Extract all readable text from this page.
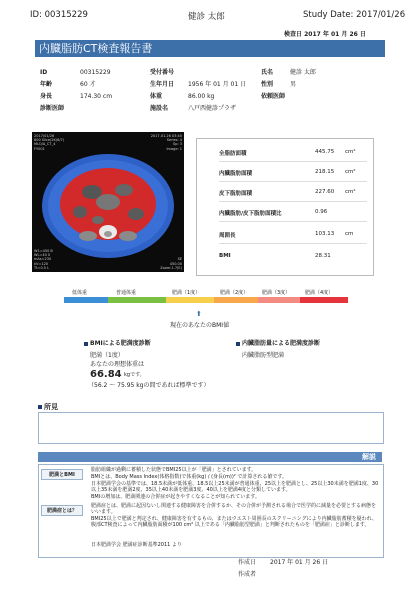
ID: 00315229	健診 太郎	Study Date: 2017/01/26
検査日 2017 年 01 月 26 日
内臓脂肪CT検査報告書
ID	00315229
年齢	60 才
身長	174.30 cm
診断医師
受付番号
生年月日 1956 年 01 月 01 日
体重	86.00 kg
施設名	八戸西健診プラザ
氏名	健診 太郎
性別	男
依頼医師
2017/01/26
800 Slice/2K(6/7)
MLO/A_CT_4
FY001
2017.01.26 03:40
Series: 4
Sp: 3
Image: 1
W1=450 B
WL=40 0
mAs=230
kV=120
Tt=0.5 L
SE
450.00
Zoom:1.7(E)
全脂肪面積	445.75 cm²
内臓脂肪面積	218.15 cm²
皮下脂肪面積	227.60 cm²
内臓脂肪/皮下脂肪面積比	0.96
周囲長	103.13 cm
BMI	28.31
低体重	普通体重	肥満（1度）	肥満（2度）	肥満（3度）	肥満（4度）
⬆
現在のあなたのBMI値
BMIによる肥満度診断
肥満（1度）
あなたの理想体重は
66.84 kgです。
（56.2 ～ 75.95 kgの間であれば標準です）
内臓脂肪量による肥満度診断
内臓脂肪型肥満
所見
解説
肥満とBMI
脂肪組織が過剰に蓄積した状態でBMI25以上が「肥満」とされています。
BMIとは、Body Mass Index(体格指数)で体重(kg) / (身長(m))² で計算される値です。
日本肥満学会の基準では、18.5未満が低体重、18.5以上25未満が普通体重、25以上を肥満とし、25以上30未満を肥満1度、30以上35未満を肥満2度、35以上40未満を肥満3度、40以上を肥満4度と分類しています。
BMIの増加は、肥満関連の合併症が起きやすくなることが知られています。
肥満症とは？
肥満症とは、肥満に起因ないし関連する健康障害を合併するか、その合併が予測される場合で医学的に減量を必要とする病態をいいます。
BMI25以上で肥満と判定され、健康障害を有するもの、またはウエスト周囲長のスクリーニングにより内臓脂肪蓄積を疑われ、腹部CT検査によって内臓脂肪面積が100 cm² 以上である「内臓脂肪型肥満」と判断されたものを「肥満症」と診断します。
日本肥満学会 肥満症診断基準2011 より
作成日 2017 年 01 月 26 日
作成者
